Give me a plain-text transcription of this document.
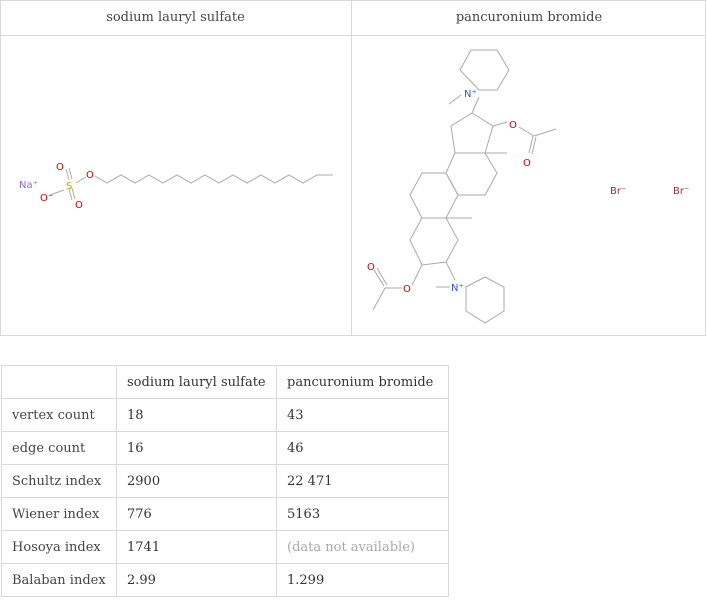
sodium lauryl sulfate	pancuronium bromide
Na⁺
O⁻
S
O
O
O
N⁺
N⁺
O
O
O
O
Br⁻	Br⁻
	sodium lauryl sulfate	pancuronium bromide
vertex count	18	43
edge count	16	46
Schultz index	2900	22 471
Wiener index	776	5163
Hosoya index	1741	(data not available)
Balaban index	2.99	1.299
